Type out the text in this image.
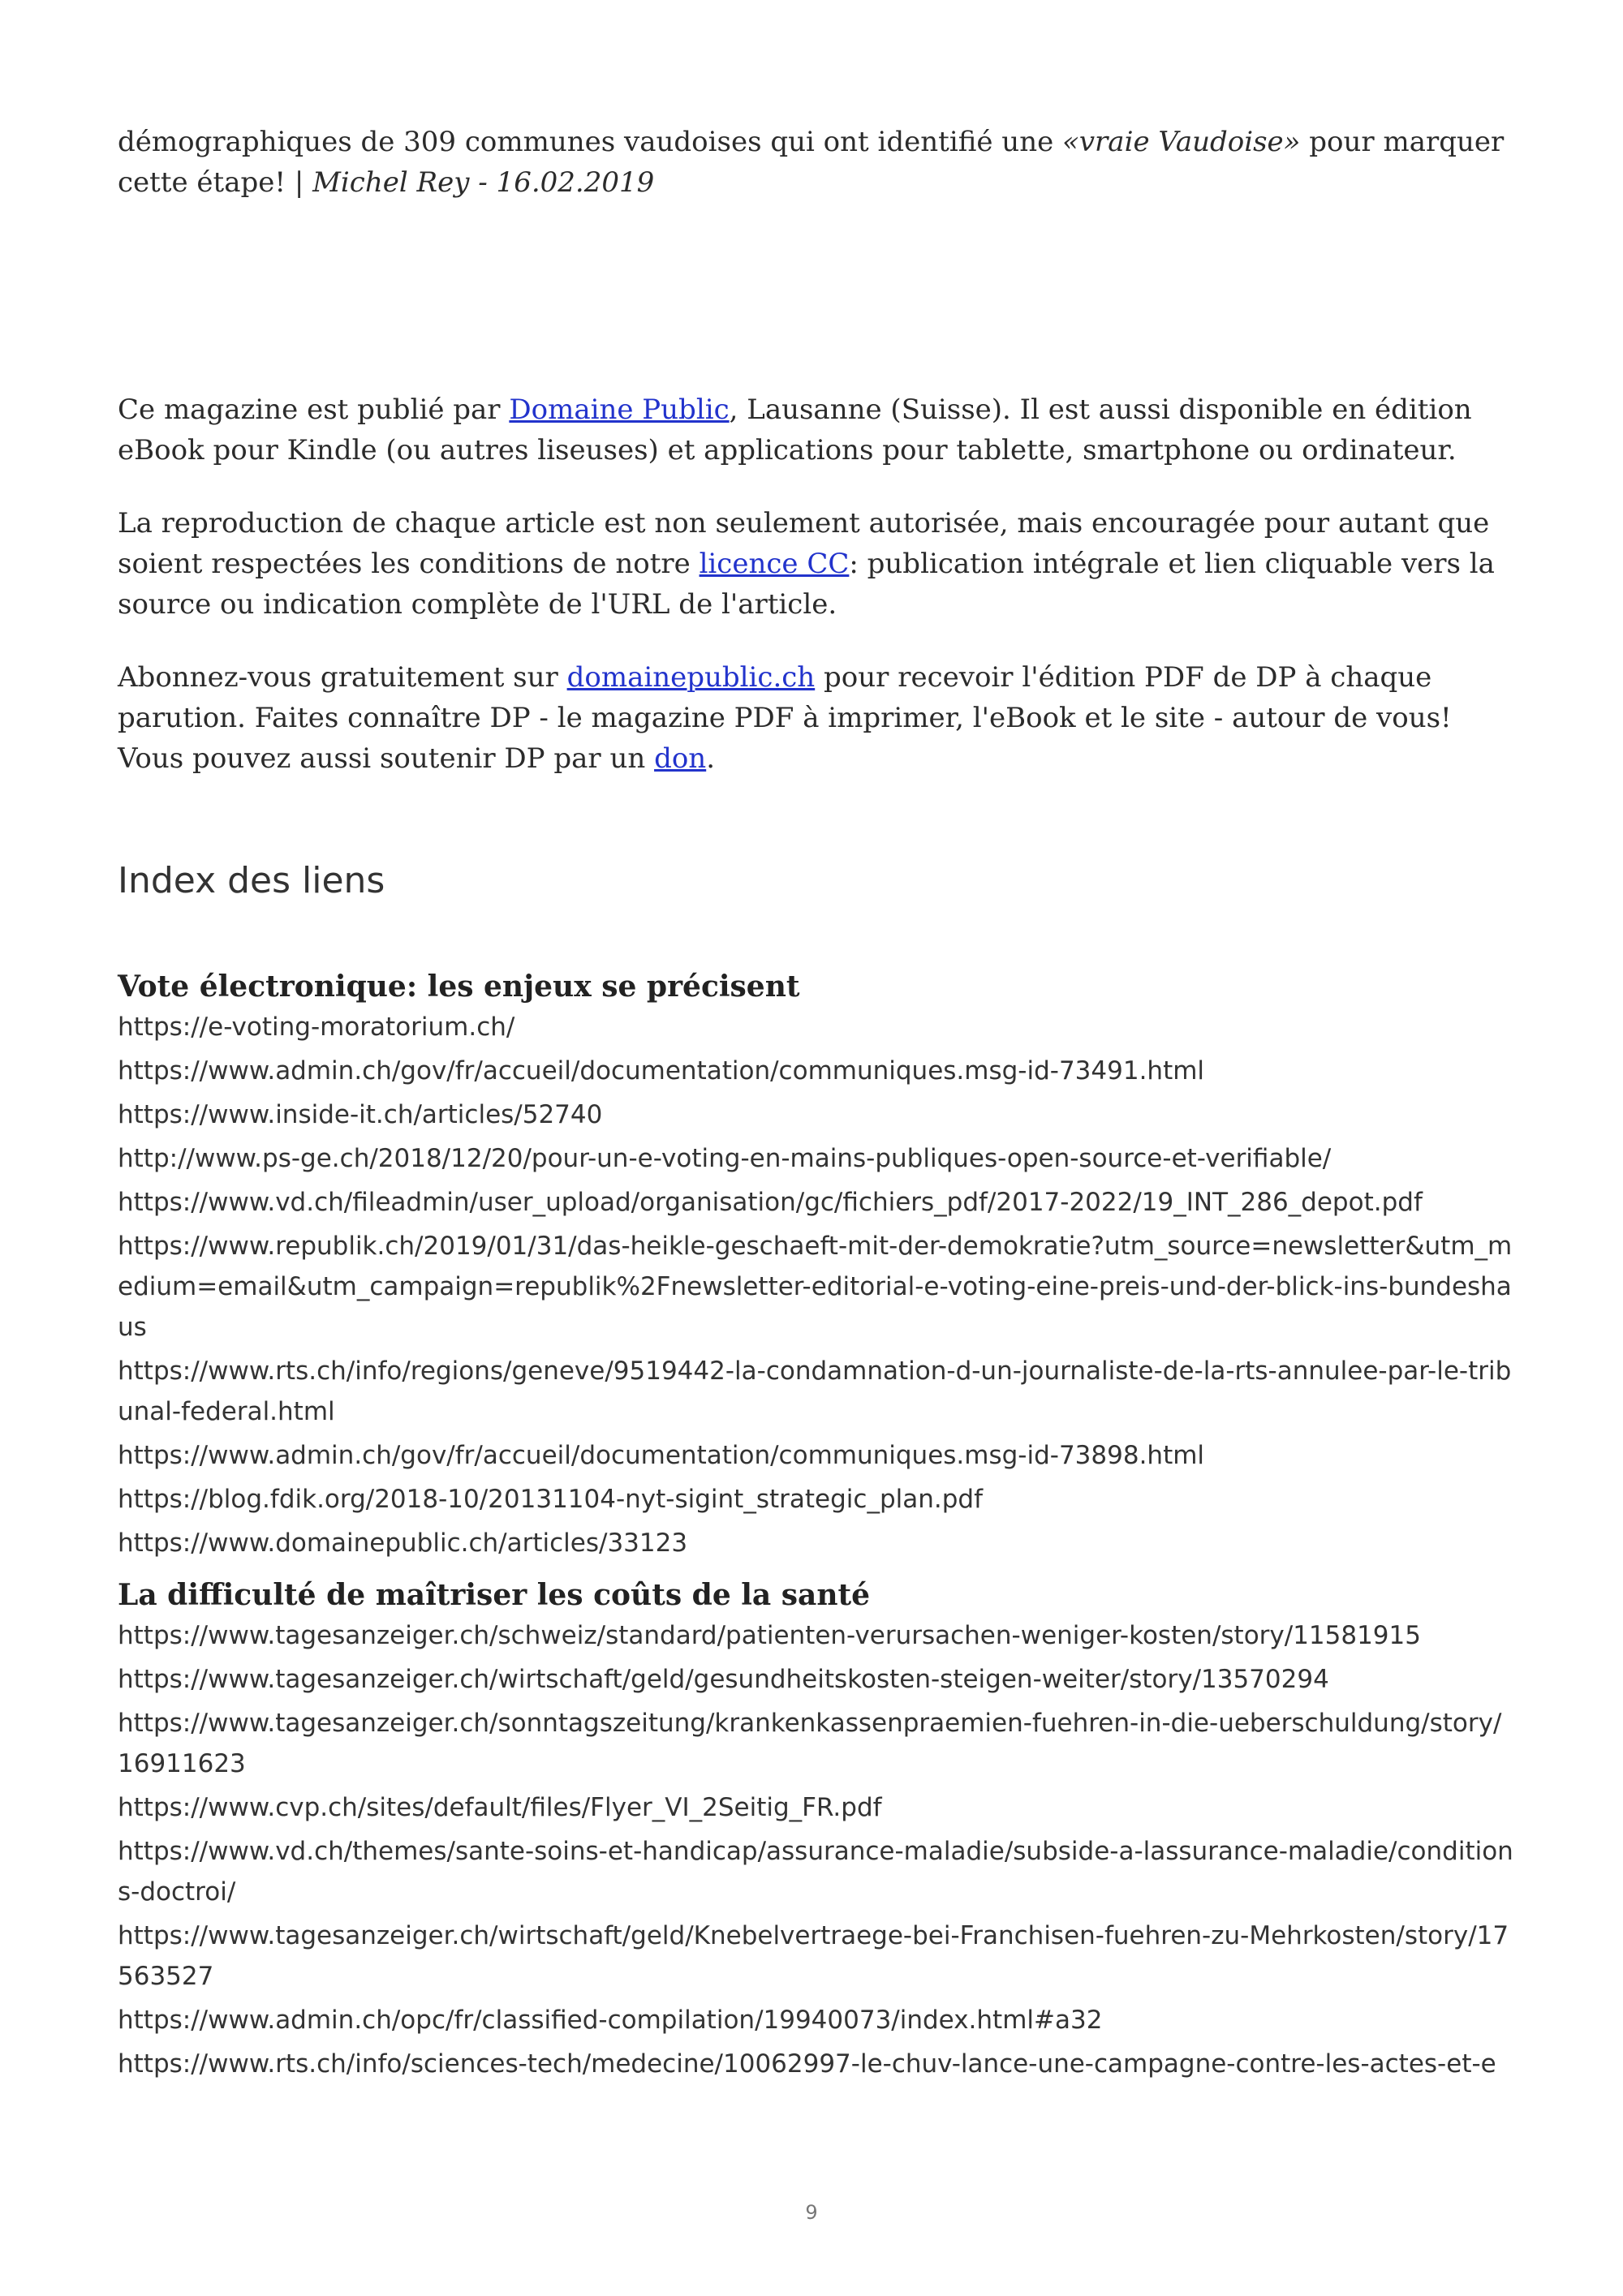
démographiques de 309 communes vaudoises qui ont identifié une «vraie Vaudoise» pour marquer cette étape! | Michel Rey - 16.02.2019

Ce magazine est publié par Domaine Public, Lausanne (Suisse). Il est aussi disponible en édition eBook pour Kindle (ou autres liseuses) et applications pour tablette, smartphone ou ordinateur.

La reproduction de chaque article est non seulement autorisée, mais encouragée pour autant que soient respectées les conditions de notre licence CC: publication intégrale et lien cliquable vers la source ou indication complète de l'URL de l'article.

Abonnez-vous gratuitement sur domainepublic.ch pour recevoir l'édition PDF de DP à chaque parution. Faites connaître DP - le magazine PDF à imprimer, l'eBook et le site - autour de vous! Vous pouvez aussi soutenir DP par un don.

Index des liens
Vote électronique: les enjeux se précisent
https://e-voting-moratorium.ch/
https://www.admin.ch/gov/fr/accueil/documentation/communiques.msg-id-73491.html
https://www.inside-it.ch/articles/52740
http://www.ps-ge.ch/2018/12/20/pour-un-e-voting-en-mains-publiques-open-source-et-verifiable/
https://www.vd.ch/fileadmin/user_upload/organisation/gc/fichiers_pdf/2017-2022/19_INT_286_depot.pdf
https://www.republik.ch/2019/01/31/das-heikle-geschaeft-mit-der-demokratie?utm_source=newsletter&utm_medium=email&utm_campaign=republik%2Fnewsletter-editorial-e-voting-eine-preis-und-der-blick-ins-bundeshaus
https://www.rts.ch/info/regions/geneve/9519442-la-condamnation-d-un-journaliste-de-la-rts-annulee-par-le-tribunal-federal.html
https://www.admin.ch/gov/fr/accueil/documentation/communiques.msg-id-73898.html
https://blog.fdik.org/2018-10/20131104-nyt-sigint_strategic_plan.pdf
https://www.domainepublic.ch/articles/33123
La difficulté de maîtriser les coûts de la santé
https://www.tagesanzeiger.ch/schweiz/standard/patienten-verursachen-weniger-kosten/story/11581915
https://www.tagesanzeiger.ch/wirtschaft/geld/gesundheitskosten-steigen-weiter/story/13570294
https://www.tagesanzeiger.ch/sonntagszeitung/krankenkassenpraemien-fuehren-in-die-ueberschuldung/story/16911623
https://www.cvp.ch/sites/default/files/Flyer_VI_2Seitig_FR.pdf
https://www.vd.ch/themes/sante-soins-et-handicap/assurance-maladie/subside-a-lassurance-maladie/conditions-doctroi/
https://www.tagesanzeiger.ch/wirtschaft/geld/Knebelvertraege-bei-Franchisen-fuehren-zu-Mehrkosten/story/17563527
https://www.admin.ch/opc/fr/classified-compilation/19940073/index.html#a32
https://www.rts.ch/info/sciences-tech/medecine/10062997-le-chuv-lance-une-campagne-contre-les-actes-et-e
9
